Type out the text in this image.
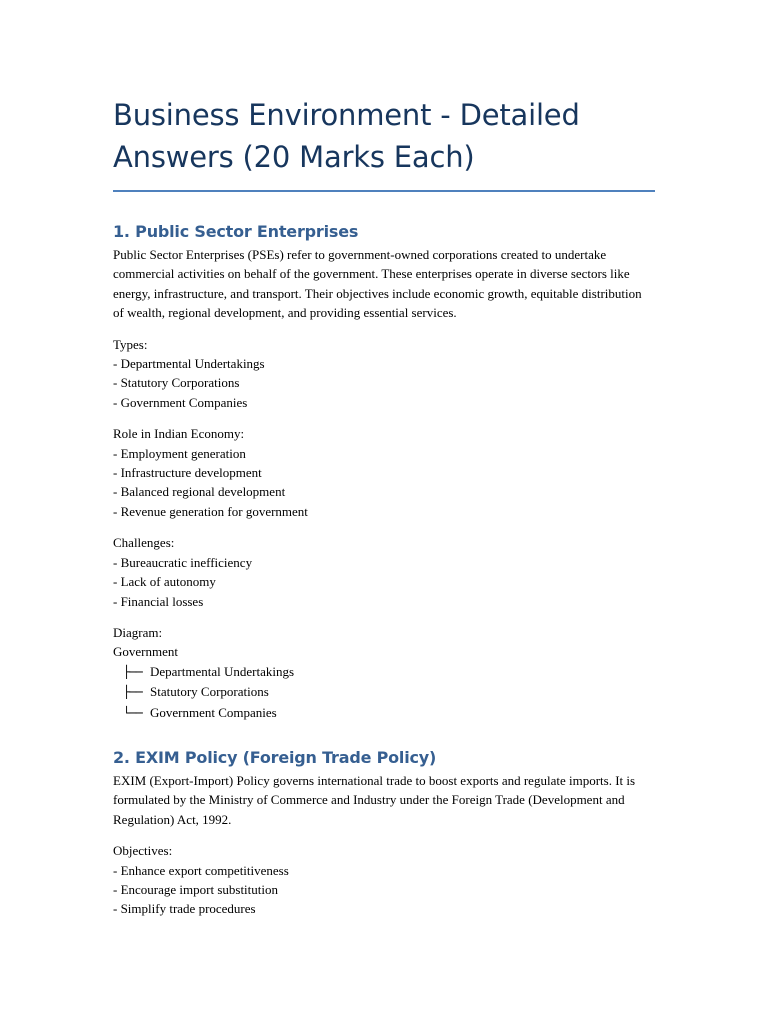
Business Environment - Detailed Answers (20 Marks Each)
1. Public Sector Enterprises

Public Sector Enterprises (PSEs) refer to government-owned corporations created to undertake commercial activities on behalf of the government. These enterprises operate in diverse sectors like energy, infrastructure, and transport. Their objectives include economic growth, equitable distribution of wealth, regional development, and providing essential services.

Types:
- Departmental Undertakings
- Statutory Corporations
- Government Companies
Role in Indian Economy:
- Employment generation
- Infrastructure development
- Balanced regional development
- Revenue generation for government
Challenges:
- Bureaucratic inefficiency
- Lack of autonomy
- Financial losses
Diagram:
Government
├── Departmental Undertakings
├── Statutory Corporations
└── Government Companies
2. EXIM Policy (Foreign Trade Policy)

EXIM (Export-Import) Policy governs international trade to boost exports and regulate imports. It is formulated by the Ministry of Commerce and Industry under the Foreign Trade (Development and Regulation) Act, 1992.

Objectives:
- Enhance export competitiveness
- Encourage import substitution
- Simplify trade procedures
